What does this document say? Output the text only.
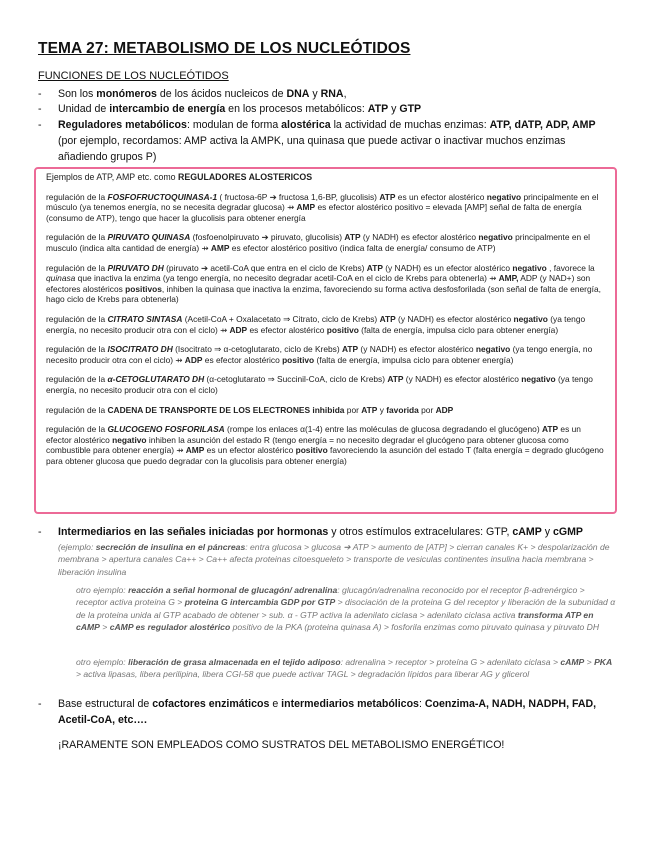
TEMA 27: METABOLISMO DE LOS NUCLEÓTIDOS
FUNCIONES DE LOS NUCLEÓTIDOS
- Son los monómeros de los ácidos nucleicos de DNA y RNA,
- Unidad de intercambio de energía en los procesos metabólicos: ATP y GTP
- Reguladores metabólicos: modulan de forma alostérica la actividad de muchas enzimas: ATP, dATP, ADP, AMP (por ejemplo, recordamos: AMP activa la AMPK, una quinasa que puede activar o inactivar muchos enzimas añadiendo grupos P)

Ejemplos de ATP, AMP etc. como REGULADORES ALOSTERICOS

regulación de la FOSFOFRUCTOQUINASA-1 ( fructosa-6P ➔ fructosa 1,6-BP, glucolisis) ATP es un efector alostérico negativo principalmente en el músculo (ya tenemos energía, no se necesita degradar glucosa) ⇸ AMP es efector alostérico positivo = elevada [AMP] señal de falta de energía (consumo de ATP), tengo que hacer la glucolisis para obtener energía

regulación de la PIRUVATO QUINASA (fosfoenolpiruvato ➔ piruvato, glucolisis) ATP (y NADH) es efector alostérico negativo principalmente en el musculo (indica alta cantidad de energía) ⇸ AMP es efector alostérico positivo (indica falta de energía/ consumo de ATP)

regulación de la PIRUVATO DH (piruvato ➔ acetil-CoA que entra en el ciclo de Krebs) ATP (y NADH) es un efector alostérico negativo , favorece la quinasa que inactiva la enzima (ya tengo energía, no necesito degradar acetil-CoA en el ciclo de Krebs para obtenerla) ⇸ AMP, ADP (y NAD+) son efectores alostéricos positivos, inhiben la quinasa que inactiva la enzima, favoreciendo su forma activa desfosforilada (son señal de falta de energía, hago ciclo de Krebs para obtenerla)

regulación de la CITRATO SINTASA (Acetil-CoA + Oxalacetato ⇒ Citrato, ciclo de Krebs) ATP (y NADH) es efector alostérico negativo (ya tengo energía, no necesito producir otra con el ciclo) ⇸ ADP es efector alostérico positivo (falta de energía, impulsa ciclo para obtener energía)

regulación de la ISOCITRATO DH (Isocitrato ⇒ α-cetoglutarato, ciclo de Krebs) ATP (y NADH) es efector alostérico negativo (ya tengo energía, no necesito producir otra con el ciclo) ⇸ ADP es efector alostérico positivo (falta de energía, impulsa ciclo para obtener energía)

regulación de la α-CETOGLUTARATO DH (α-cetoglutarato ⇒ Succinil-CoA, ciclo de Krebs) ATP (y NADH) es efector alostérico negativo (ya tengo energía, no necesito producir otra con el ciclo)

regulación de la CADENA DE TRANSPORTE DE LOS ELECTRONES inhibida por ATP y favorida por ADP

regulación de la GLUCOGENO FOSFORILASA (rompe los enlaces α(1-4) entre las moléculas de glucosa degradando el glucógeno) ATP es un efector alostérico negativo inhiben la asunción del estado R (tengo energía = no necesito degradar el glucógeno para obtener glucosa como combustible para obtener energía) ⇸ AMP es un efector alostérico positivo favoreciendo la asunción del estado T (falta energía = degrado glucógeno para obtener glucosa que puedo degradar con la glucolisis para obtener energía)

- Intermediarios en las señales iniciadas por hormonas y otros estímulos extracelulares: GTP, cAMP y cGMP
(ejemplo: secreción de insulina en el páncreas: entra glucosa > glucosa ➔ ATP > aumento de [ATP] > cierran canales K+ > despolarización de membrana > apertura canales Ca++ > Ca++ afecta proteinas citoesqueleto > transporte de vesiculas continentes insulina hacia membrana > liberación insulina
otro ejemplo: reacción a señal hormonal de glucagón/ adrenalina: glucagón/adrenalina reconocido por el receptor β-adrenérgico > receptor activa proteina G > proteina G intercambia GDP por GTP > disociación de la proteina G del receptor y liberación de la subunidad α de la proteina unida al GTP acabado de obtener > sub. α - GTP activa la adenilato ciclasa > adenilato ciclasa activa transforma ATP en cAMP > cAMP es regulador alostérico positivo de la PKA (proteina quinasa A) > fosforila enzimas como piruvato quinasa y piruvato DH
otro ejemplo: liberación de grasa almacenada en el tejido adiposo: adrenalina > receptor > proteína G > adenilato ciclasa > cAMP > PKA > activa lipasas, libera perilipina, libera CGI-58 que puede activar TAGL > degradación lípidos para liberar AG y glicerol
- Base estructural de cofactores enzimáticos e intermediarios metabólicos: Coenzima-A, NADH, NADPH, FAD, Acetil-CoA, etc….
¡RARAMENTE SON EMPLEADOS COMO SUSTRATOS DEL METABOLISMO ENERGÉTICO!
